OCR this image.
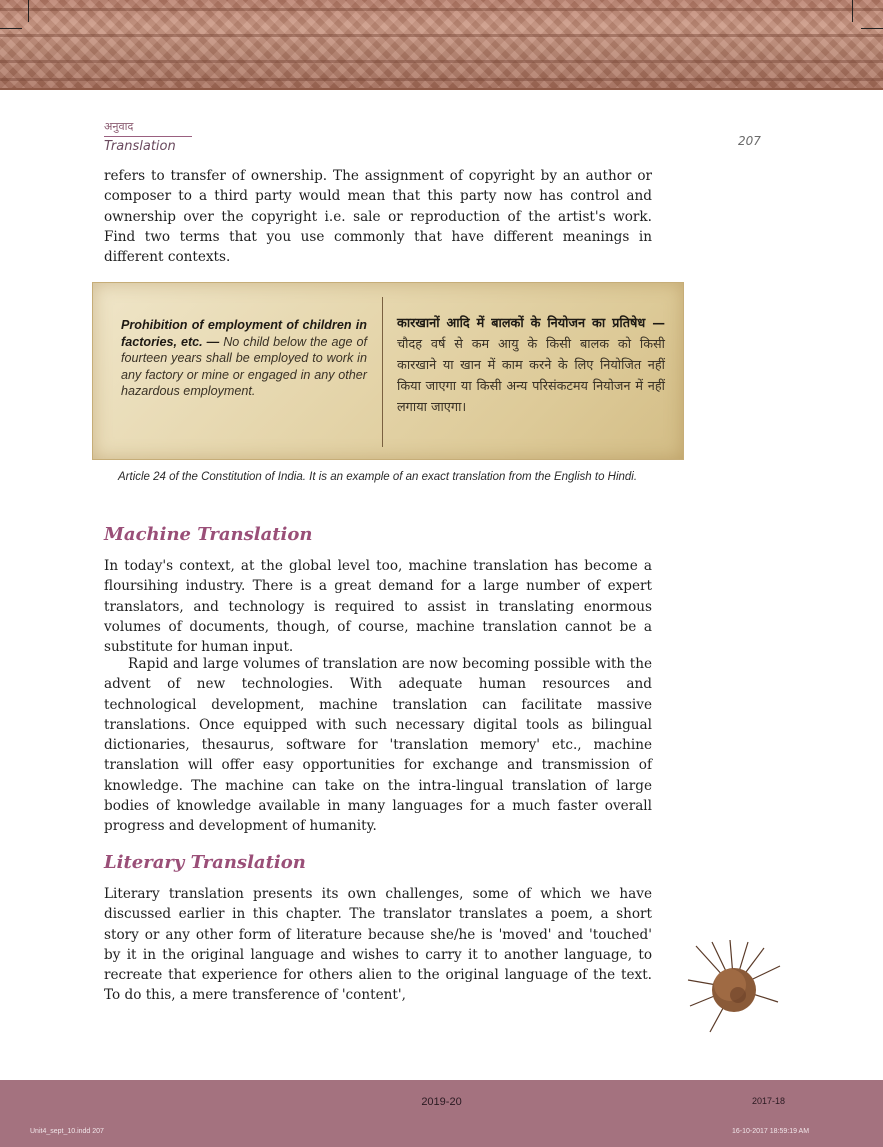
अनुवाद
Translation	207

refers to transfer of ownership. The assignment of copyright by an author or composer to a third party would mean that this party now has control and ownership over the copyright i.e. sale or reproduction of the artist's work. Find two terms that you use commonly that have different meanings in different contexts.

Prohibition of employment of children in factories, etc. — No child below the age of fourteen years shall be employed to work in any factory or mine or engaged in any other hazardous employment.

कारखानों आदि में बालकों के नियोजन का प्रतिषेध — चौदह वर्ष से कम आयु के किसी बालक को किसी कारखाने या खान में काम करने के लिए नियोजित नहीं किया जाएगा या किसी अन्य परिसंकटमय नियोजन में नहीं लगाया जाएगा।

Article 24 of the Constitution of India. It is an example of an exact translation from the English to Hindi.

Machine Translation

In today's context, at the global level too, machine translation has become a floursihing industry. There is a great demand for a large number of expert translators, and technology is required to assist in translating enormous volumes of documents, though, of course, machine translation cannot be a substitute for human input.

Rapid and large volumes of translation are now becoming possible with the advent of new technologies. With adequate human resources and technological development, machine translation can facilitate massive translations. Once equipped with such necessary digital tools as bilingual dictionaries, thesaurus, software for 'translation memory' etc., machine translation will offer easy opportunities for exchange and transmission of knowledge. The machine can take on the intra-lingual translation of large bodies of knowledge available in many languages for a much faster overall progress and development of humanity.

Literary Translation

Literary translation presents its own challenges, some of which we have discussed earlier in this chapter. The translator translates a poem, a short story or any other form of literature because she/he is 'moved' and 'touched' by it in the original language and wishes to carry it to another language, to recreate that experience for others alien to the original language of the text. To do this, a mere transference of 'content',

2019-20	2017-18
Unit4_sept_10.indd 207	16-10-2017 18:59:19 AM
